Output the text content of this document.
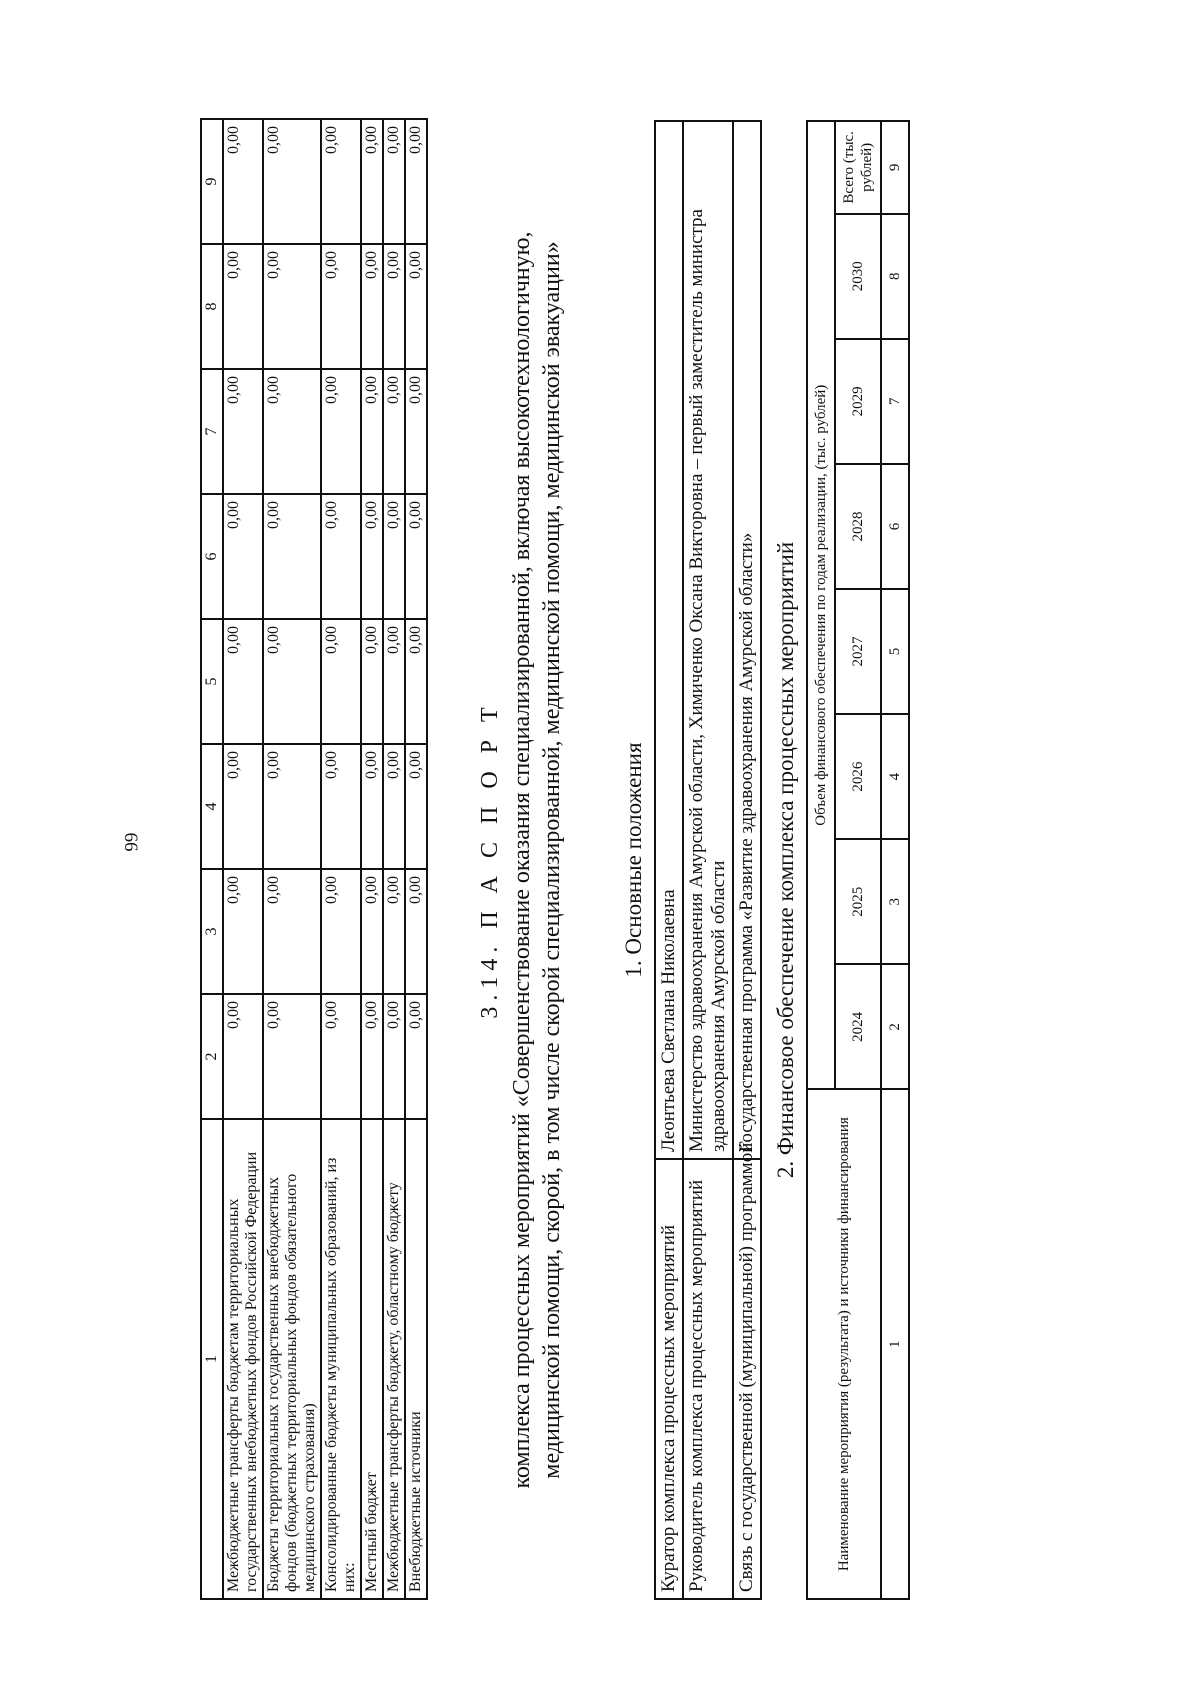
66
1	2	3	4	5	6	7	8	9
Межбюджетные трансферты бюджетам территориальных государственных внебюджетных фондов Российской Федерации	0,00	0,00	0,00	0,00	0,00	0,00	0,00	0,00
Бюджеты территориальных государственных внебюджетных фондов (бюджетных территориальных фондов обязательного медицинского страхования)	0,00	0,00	0,00	0,00	0,00	0,00	0,00	0,00
Консолидированные бюджеты муниципальных образований, из них:	0,00	0,00	0,00	0,00	0,00	0,00	0,00	0,00
Местный бюджет	0,00	0,00	0,00	0,00	0,00	0,00	0,00	0,00
Межбюджетные трансферты бюджету, областному бюджету	0,00	0,00	0,00	0,00	0,00	0,00	0,00	0,00
Внебюджетные источники	0,00	0,00	0,00	0,00	0,00	0,00	0,00	0,00
3.14. П А С П О Р Т комплекса процессных мероприятий «Совершенствование оказания специализированной, включая высокотехнологичную, медицинской помощи, скорой, в том числе скорой специализированной, медицинской помощи, медицинской эвакуации» 1. Основные положения
Куратор комплекса процессных мероприятий	Леонтьева Светлана Николаевна
Руководитель комплекса процессных мероприятий	Министерство здравоохранения Амурской области, Химиченко Оксана Викторовна – первый заместитель министра здравоохранения Амурской области
Связь с государственной (муниципальной) программой	Государственная программа «Развитие здравоохранения Амурской области» 2. Финансовое обеспечение комплекса процессных мероприятий
Наименование мероприятия (результата) и источники финансирования	Объем финансового обеспечения по годам реализации, (тыс. рублей)							
	2024	2025	2026	2027	2028	2029	2030	Всего (тыс. рублей)
1	2	3	4	5	6	7	8	9
